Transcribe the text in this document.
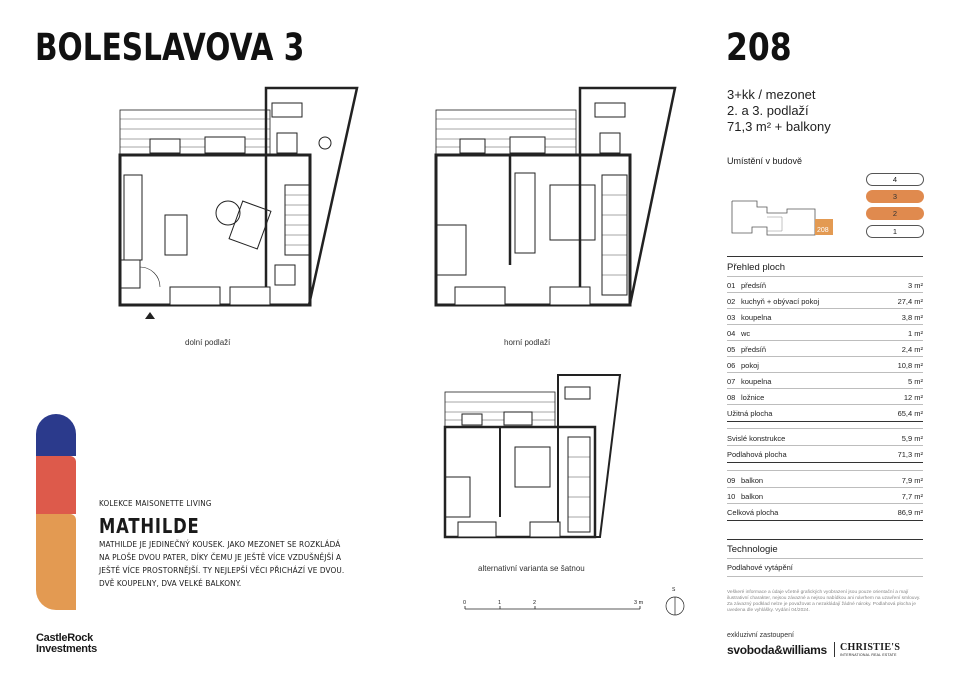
BOLESLAVOVA 3	208
3+kk / mezonet
2. a 3. podlaží
71,3 m² + balkony
Umístění v budově
4
3
2
1
208
Přehled ploch
01 předsíň	3 m²
02 kuchyň + obývací pokoj	27,4 m²
03 koupelna	3,8 m²
04 wc	1 m²
05 předsíň	2,4 m²
06 pokoj	10,8 m²
07 koupelna	5 m²
08 ložnice	12 m²
Užitná plocha	65,4 m²
Svislé konstrukce	5,9 m²
Podlahová plocha	71,3 m²
09 balkon	7,9 m²
10 balkon	7,7 m²
Celková plocha	86,9 m²
Technologie
Podlahové vytápění
Veškeré informace a údaje včetně grafických vyobrazení jsou pouze orientační a mají ilustrativní charakter, nejsou závazné a nejsou nabídkou ani návrhem na uzavření smlouvy. Za závazný podklad nelze je považovat a nezakládají žádné nároky. Podlahová plocha je uvedena dle vyhlášky. Vydání 04/2024.
exkluzivní zastoupení
svoboda&williams CHRISTIE'S
INTERNATIONAL REAL ESTATE
KOLEKCE MAISONETTE LIVING
MATHILDE
MATHILDE JE JEDINEČNÝ KOUSEK. JAKO MEZONET SE ROZKLÁDÁ NA PLOŠE DVOU PATER, DÍKY ČEMU JE JEŠTĚ VÍCE VZDUŠNĚJŠÍ A JEŠTĚ VÍCE PROSTORNĚJŠÍ. TY NEJLEPŠÍ VĚCI PŘICHÁZÍ VE DVOU. DVĚ KOUPELNY, DVA VELKÉ BALKONY.
CastleRock
Investments
dolní podlaží	horní podlaží
alternativní varianta se šatnou
0	1	2	3 m
S
